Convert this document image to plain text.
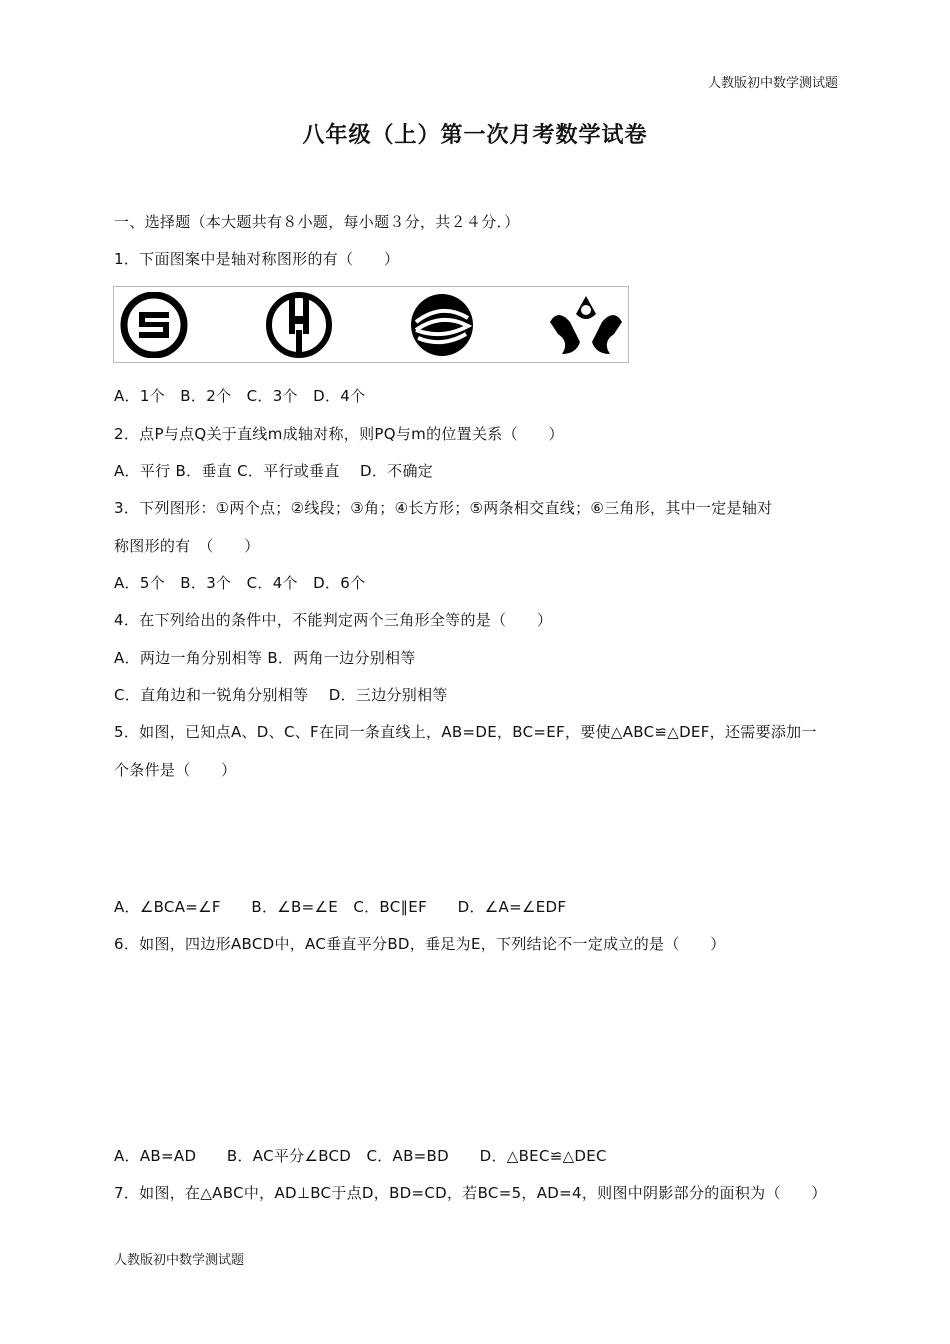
人教版初中数学测试题
八年级（上）第一次月考数学试卷
一、选择题（本大题共有８小题，每小题３分，共２４分．）
1．下面图案中是轴对称图形的有（　　）
A．1个　B．2个　C．3个　D．4个
2．点P与点Q关于直线m成轴对称，则PQ与m的位置关系（　　）
A．平行 B．垂直 C．平行或垂直　 D．不确定
3．下列图形：①两个点；②线段；③角；④长方形；⑤两条相交直线；⑥三角形，其中一定是轴对
称图形的有　（　　）
A．5个　B．3个　C．4个　D．6个
4．在下列给出的条件中，不能判定两个三角形全等的是（　　）
A．两边一角分别相等 B．两角一边分别相等
C．直角边和一锐角分别相等　 D．三边分别相等
5．如图，已知点A、D、C、F在同一条直线上，AB=DE，BC=EF，要使△ABC≌△DEF，还需要添加一
个条件是（　　）
A．∠BCA=∠F　　B．∠B=∠E　C．BC∥EF　　D．∠A=∠EDF
6．如图，四边形ABCD中，AC垂直平分BD，垂足为E，下列结论不一定成立的是（　　）
A．AB=AD　　B．AC平分∠BCD　C．AB=BD　　D．△BEC≌△DEC
7．如图，在△ABC中，AD⊥BC于点D，BD=CD，若BC=5，AD=4，则图中阴影部分的面积为（　　）
人教版初中数学测试题
